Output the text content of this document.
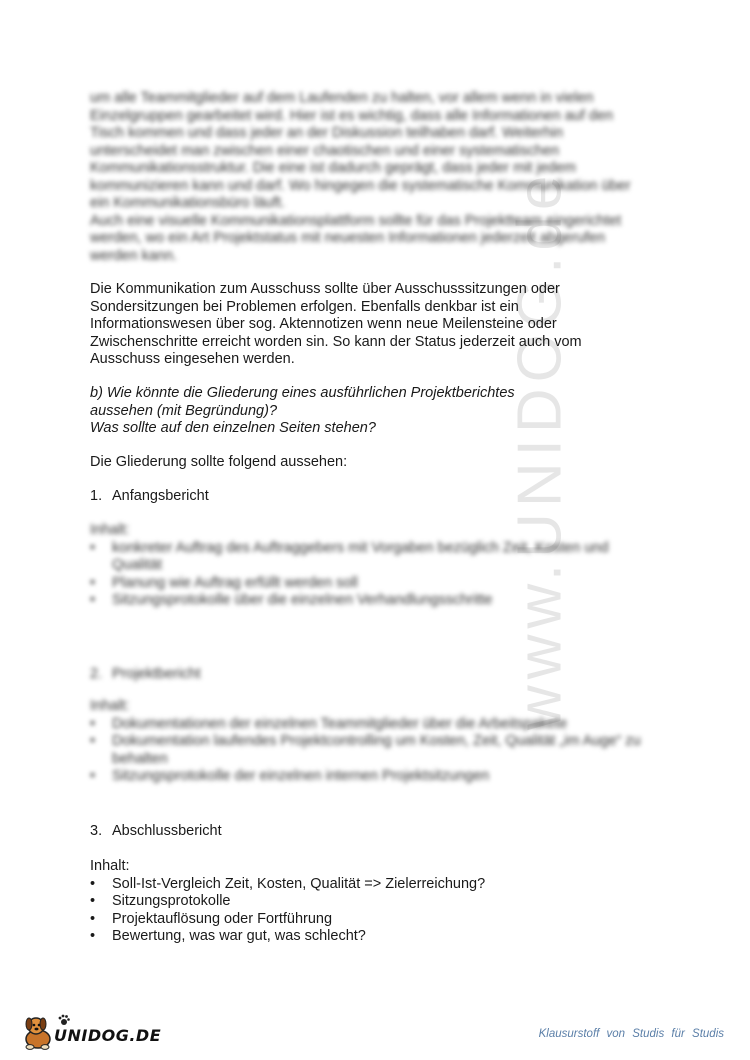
www.UNIDOG.de

um alle Teammitglieder auf dem Laufenden zu halten, vor allem wenn in vielen

Einzelgruppen gearbeitet wird. Hier ist es wichtig, dass alle Informationen auf den

Tisch kommen und dass jeder an der Diskussion teilhaben darf. Weiterhin

unterscheidet man zwischen einer chaotischen und einer systematischen

Kommunikationsstruktur. Die eine ist dadurch geprägt, dass jeder mit jedem

kommunizieren kann und darf. Wo hingegen die systematische Kommunikation über

ein Kommunikationsbüro läuft.

Auch eine visuelle Kommunikationsplattform sollte für das Projektteam eingerichtet

werden, wo ein Art Projektstatus mit neuesten Informationen jederzeit abgerufen

werden kann.

Die Kommunikation zum Ausschuss sollte über Ausschusssitzungen oder

Sondersitzungen bei Problemen erfolgen. Ebenfalls denkbar ist ein

Informationswesen über sog. Aktennotizen wenn neue Meilensteine oder

Zwischenschritte erreicht worden sin. So kann der Status jederzeit auch vom

Ausschuss eingesehen werden.

b) Wie könnte die Gliederung eines ausführlichen Projektberichtes

aussehen (mit Begründung)?

Was sollte auf den einzelnen Seiten stehen?

Die Gliederung sollte folgend aussehen:
1. Anfangsbericht

Inhalt:

• konkreter Auftrag des Auftraggebers mit Vorgaben bezüglich Zeit, Kosten und Qualität
• Planung wie Auftrag erfüllt werden soll
• Sitzungsprotokolle über die einzelnen Verhandlungsschritte
2. Projektbericht

Inhalt:

• Dokumentationen der einzelnen Teammitglieder über die Arbeitspakete
• Dokumentation laufendes Projektcontrolling um Kosten, Zeit, Qualität „im Auge“ zu behalten
• Sitzungsprotokolle der einzelnen internen Projektsitzungen
3. Abschlussbericht

Inhalt:

• Soll-Ist-Vergleich Zeit, Kosten, Qualität => Zielerreichung?
• Sitzungsprotokolle
• Projektauflösung oder Fortführung
• Bewertung, was war gut, was schlecht?
UNIDOG.DE	Klausurstoff von Studis für Studis
